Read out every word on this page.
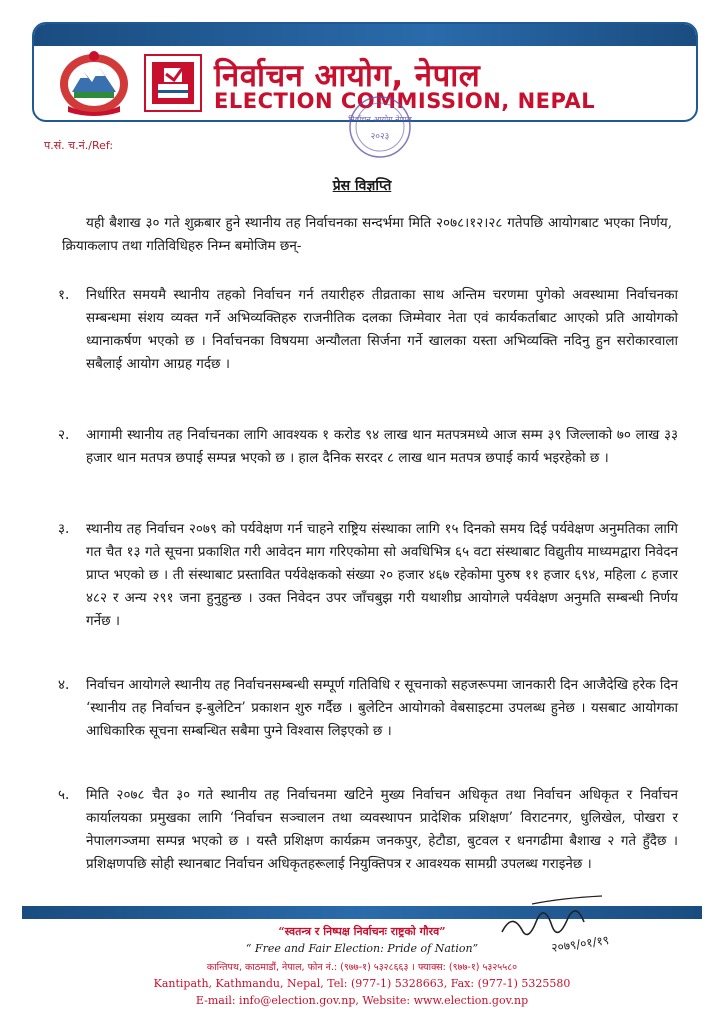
निर्वाचन आयोग, नेपाल
ELECTION COMMISSION, NEPAL
निर्वाचन आयोग नेपाल
२०२३
प.सं. च.नं./Ref:
प्रेस विज्ञप्ति
यही बैशाख ३० गते शुक्रबार हुने स्थानीय तह निर्वाचनका सन्दर्भमा मिति २०७८।१२।२८ गतेपछि आयोगबाट भएका निर्णय, क्रियाकलाप तथा गतिविधिहरु निम्न बमोजिम छन्-
१. निर्धारित समयमै स्थानीय तहको निर्वाचन गर्न तयारीहरु तीव्रताका साथ अन्तिम चरणमा पुगेको अवस्थामा निर्वाचनका सम्बन्धमा संशय व्यक्त गर्ने अभिव्यक्तिहरु राजनीतिक दलका जिम्मेवार नेता एवं कार्यकर्ताबाट आएको प्रति आयोगको ध्यानाकर्षण भएको छ । निर्वाचनका विषयमा अन्यौलता सिर्जना गर्ने खालका यस्ता अभिव्यक्ति नदिनु हुन सरोकारवाला सबैलाई आयोग आग्रह गर्दछ ।
२. आगामी स्थानीय तह निर्वाचनका लागि आवश्यक १ करोड ९४ लाख थान मतपत्रमध्ये आज सम्म ३९ जिल्लाको ७० लाख ३३ हजार थान मतपत्र छपाई सम्पन्न भएको छ । हाल दैनिक सरदर ८ लाख थान मतपत्र छपाई कार्य भइरहेको छ ।
३. स्थानीय तह निर्वाचन २०७९ को पर्यवेक्षण गर्न चाहने राष्ट्रिय संस्थाका लागि १५ दिनको समय दिई पर्यवेक्षण अनुमतिका लागि गत चैत १३ गते सूचना प्रकाशित गरी आवेदन माग गरिएकोमा सो अवधिभित्र ६५ वटा संस्थाबाट विद्युतीय माध्यमद्वारा निवेदन प्राप्त भएको छ । ती संस्थाबाट प्रस्तावित पर्यवेक्षकको संख्या २० हजार ४६७ रहेकोमा पुरुष ११ हजार ६९४, महिला ८ हजार ४८२ र अन्य २९१ जना हुनुहुन्छ । उक्त निवेदन उपर जाँचबुझ गरी यथाशीघ्र आयोगले पर्यवेक्षण अनुमति सम्बन्धी निर्णय गर्नेछ ।
४. निर्वाचन आयोगले स्थानीय तह निर्वाचनसम्बन्धी सम्पूर्ण गतिविधि र सूचनाको सहजरूपमा जानकारी दिन आजैदेखि हरेक दिन ‘स्थानीय तह निर्वाचन इ-बुलेटिन’ प्रकाशन शुरु गर्दैछ । बुलेटिन आयोगको वेबसाइटमा उपलब्ध हुनेछ । यसबाट आयोगका आधिकारिक सूचना सम्बन्धित सबैमा पुग्ने विश्वास लिइएको छ ।
५. मिति २०७८ चैत ३० गते स्थानीय तह निर्वाचनमा खटिने मुख्य निर्वाचन अधिकृत तथा निर्वाचन अधिकृत र निर्वाचन कार्यालयका प्रमुखका लागि ‘निर्वाचन सञ्चालन तथा व्यवस्थापन प्रादेशिक प्रशिक्षण’ विराटनगर, धुलिखेल, पोखरा र नेपालगञ्जमा सम्पन्न भएको छ । यस्तै प्रशिक्षण कार्यक्रम जनकपुर, हेटौडा, बुटवल र धनगढीमा बैशाख २ गते हुँदैछ । प्रशिक्षणपछि सोही स्थानबाट निर्वाचन अधिकृतहरूलाई नियुक्तिपत्र र आवश्यक सामग्री उपलब्ध गराइनेछ ।
२०७९/०१/१९
“स्वतन्त्र र निष्पक्ष निर्वाचनः राष्ट्रको गौरव”
“ Free and Fair Election: Pride of Nation”
कान्तिपथ, काठमाडौं, नेपाल, फोन नं.: (९७७-१) ५३२८६६३ । फ्याक्स: (९७७-१) ५३२५५८०
Kantipath, Kathmandu, Nepal, Tel: (977-1) 5328663, Fax: (977-1) 5325580
E-mail: info@election.gov.np, Website: www.election.gov.np
